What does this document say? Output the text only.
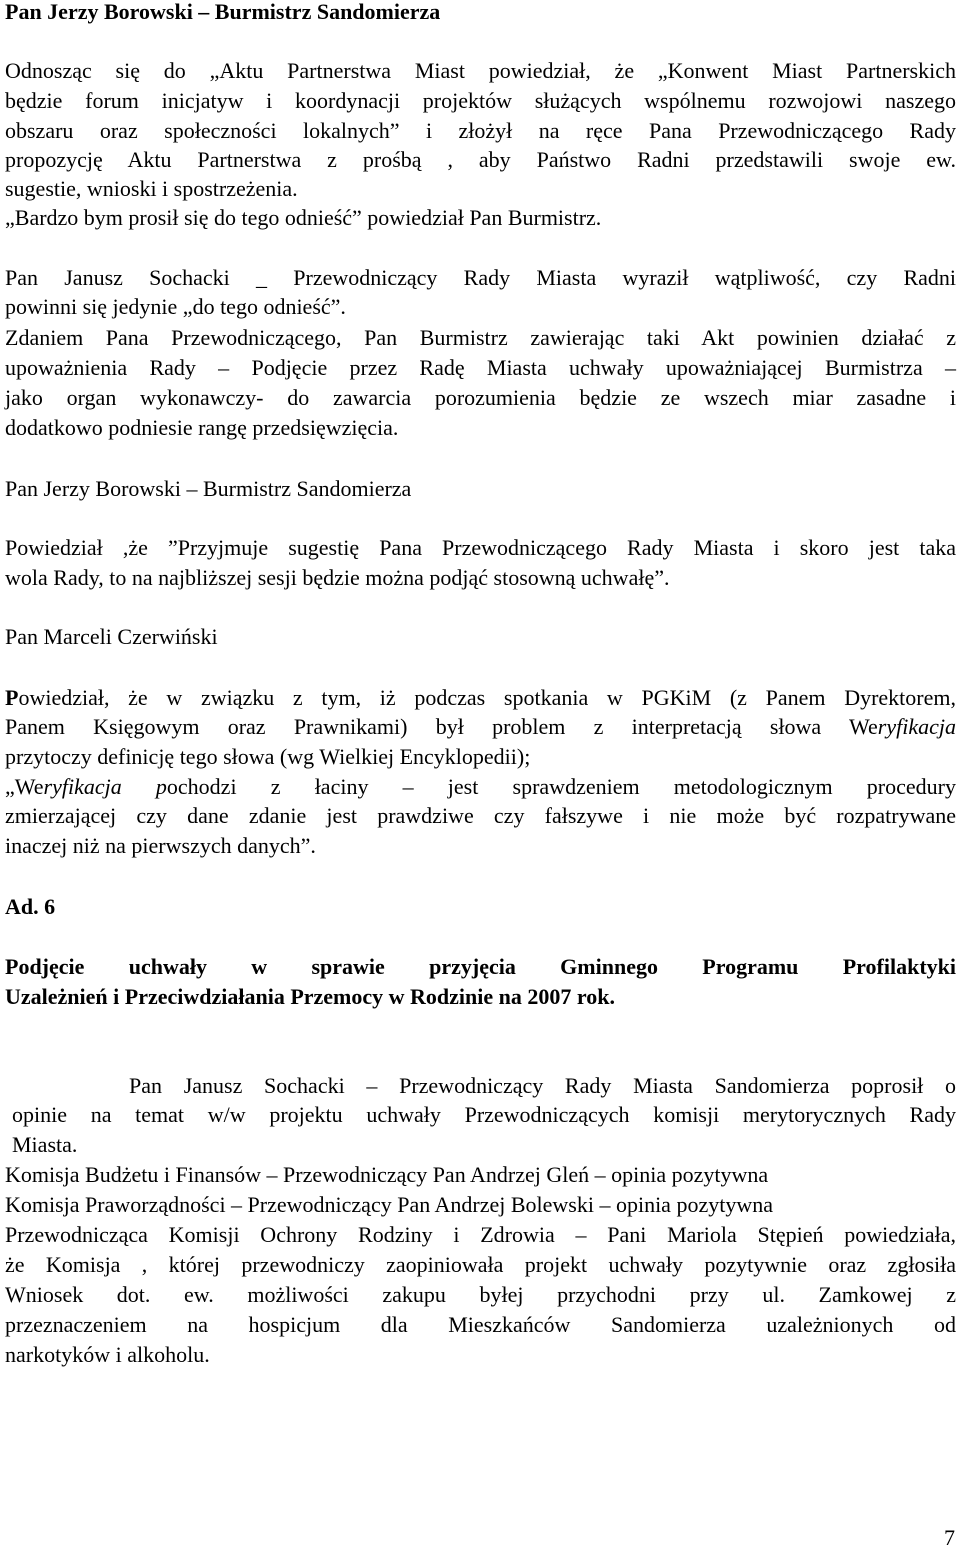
Pan Jerzy Borowski – Burmistrz Sandomierza
Odnosząc się do „Aktu Partnerstwa Miast powiedział, że „Konwent Miast Partnerskich
będzie forum inicjatyw i koordynacji projektów służących wspólnemu rozwojowi naszego
obszaru oraz społeczności lokalnych” i złożył na ręce Pana Przewodniczącego Rady
propozycję Aktu Partnerstwa z prośbą , aby Państwo Radni przedstawili swoje ew.
sugestie, wnioski i spostrzeżenia.
„Bardzo bym prosił się do tego odnieść” powiedział Pan Burmistrz.
Pan Janusz Sochacki _ Przewodniczący Rady Miasta wyraził wątpliwość, czy Radni
powinni się jedynie „do tego odnieść”.
Zdaniem Pana Przewodniczącego, Pan Burmistrz zawierając taki Akt powinien działać z
upoważnienia Rady – Podjęcie przez Radę Miasta uchwały upoważniającej Burmistrza –
jako organ wykonawczy- do zawarcia porozumienia będzie ze wszech miar zasadne i
dodatkowo podniesie rangę przedsięwzięcia.
Pan Jerzy Borowski – Burmistrz Sandomierza
Powiedział ,że ”Przyjmuje sugestię Pana Przewodniczącego Rady Miasta i skoro jest taka
wola Rady, to na najbliższej sesji będzie można podjąć stosowną uchwałę”.
Pan Marceli Czerwiński
Powiedział, że w związku z tym, iż podczas spotkania w PGKiM (z Panem Dyrektorem,
Panem Księgowym oraz Prawnikami) był problem z interpretacją słowa Weryfikacja
przytoczy definicję tego słowa (wg Wielkiej Encyklopedii);
„Weryfikacja pochodzi z łaciny – jest sprawdzeniem metodologicznym procedury
zmierzającej czy dane zdanie jest prawdziwe czy fałszywe i nie może być rozpatrywane
inaczej niż na pierwszych danych”.
Ad. 6
Podjęcie uchwały w sprawie przyjęcia Gminnego Programu Profilaktyki
Uzależnień i Przeciwdziałania Przemocy w Rodzinie na 2007 rok.
Pan Janusz Sochacki – Przewodniczący Rady Miasta Sandomierza poprosił o
opinie na temat w/w projektu uchwały Przewodniczących komisji merytorycznych Rady
Miasta.
Komisja Budżetu i Finansów – Przewodniczący Pan Andrzej Gleń – opinia pozytywna
Komisja Praworządności – Przewodniczący Pan Andrzej Bolewski – opinia pozytywna
Przewodnicząca Komisji Ochrony Rodziny i Zdrowia – Pani Mariola Stępień powiedziała,
że Komisja , której przewodniczy zaopiniowała projekt uchwały pozytywnie oraz zgłosiła
Wniosek dot. ew. możliwości zakupu byłej przychodni przy ul. Zamkowej z
przeznaczeniem na hospicjum dla Mieszkańców Sandomierza uzależnionych od
narkotyków i alkoholu.
7
